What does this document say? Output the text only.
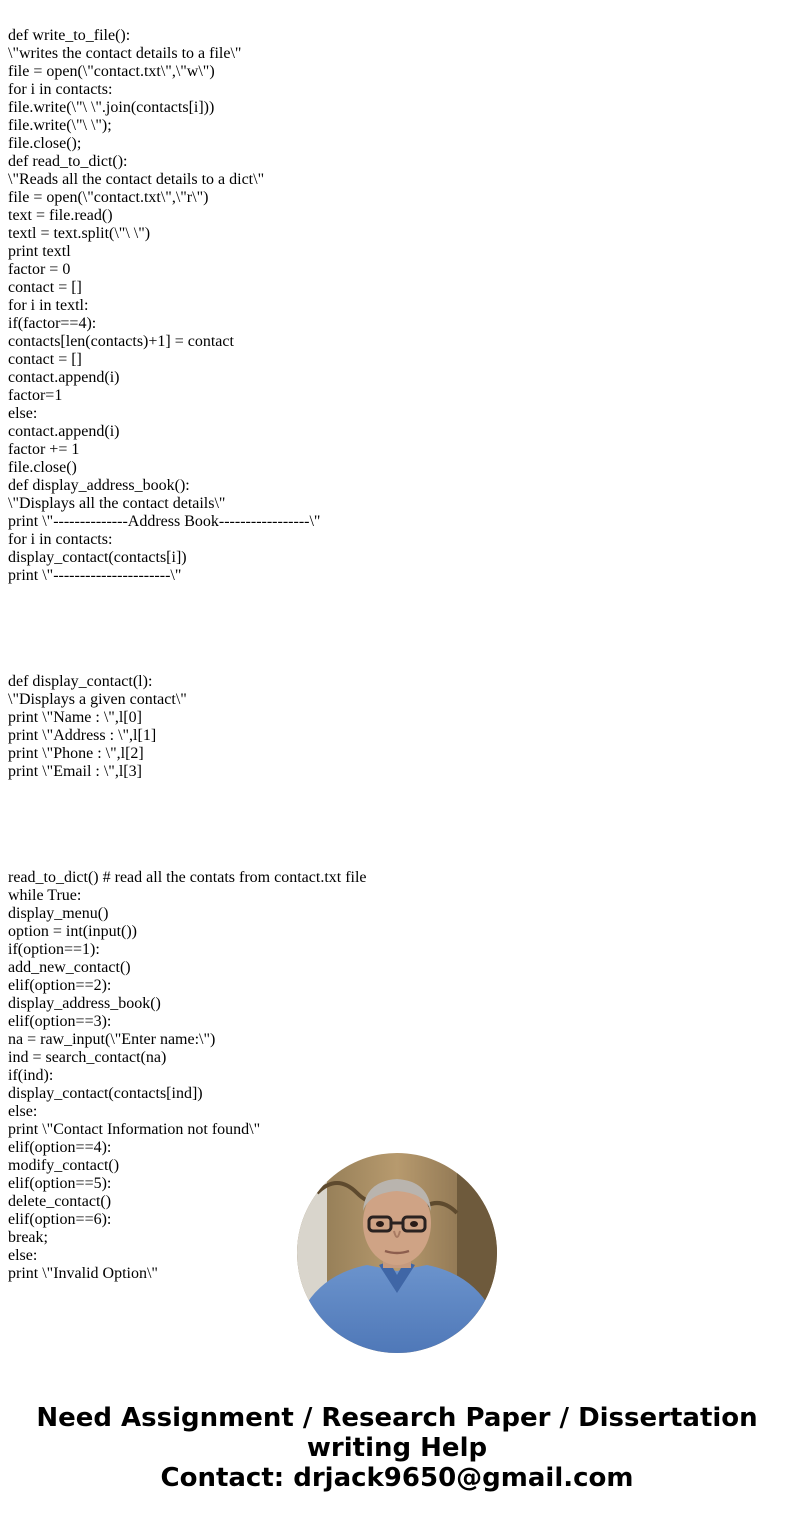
def write_to_file():
\"writes the contact details to a file\"
file = open(\"contact.txt\",\"w\")
for i in contacts:
file.write(\"\ \".join(contacts[i]))
file.write(\"\ \");
file.close();
def read_to_dict():
\"Reads all the contact details to a dict\"
file = open(\"contact.txt\",\"r\")
text = file.read()
textl = text.split(\"\ \")
print textl
factor = 0
contact = []
for i in textl:
if(factor==4):
contacts[len(contacts)+1] = contact
contact = []
contact.append(i)
factor=1
else:
contact.append(i)
factor += 1
file.close()
def display_address_book():
\"Displays all the contact details\"
print \"--------------Address Book-----------------\"
for i in contacts:
display_contact(contacts[i])
print \"----------------------\"

def display_contact(l):
\"Displays a given contact\"
print \"Name : \",l[0]
print \"Address : \",l[1]
print \"Phone : \",l[2]
print \"Email : \",l[3]

read_to_dict() # read all the contats from contact.txt file
while True:
display_menu()
option = int(input())
if(option==1):
add_new_contact()
elif(option==2):
display_address_book()
elif(option==3):
na = raw_input(\"Enter name:\")
ind = search_contact(na)
if(ind):
display_contact(contacts[ind])
else:
print \"Contact Information not found\"
elif(option==4):
modify_contact()
elif(option==5):
delete_contact()
elif(option==6):
break;
else:
print \"Invalid Option\"

Need Assignment / Research Paper / Dissertation
writing Help
Contact: drjack9650@gmail.com
